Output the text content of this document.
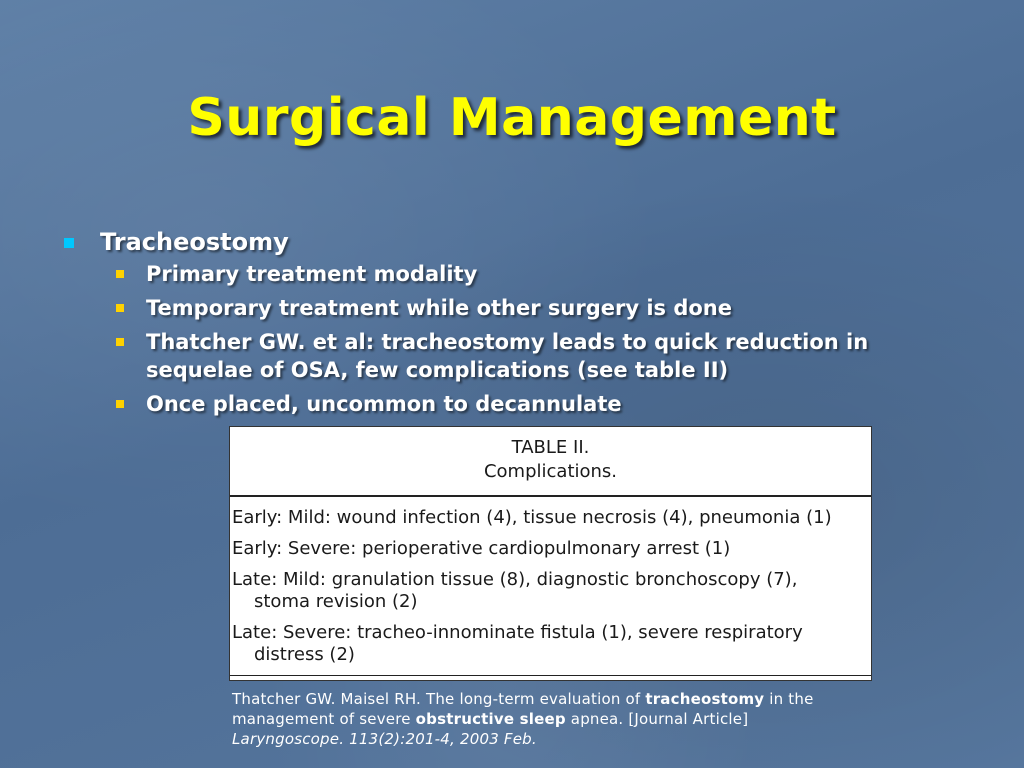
Surgical Management
Tracheostomy
Primary treatment modality
Temporary treatment while other surgery is done
Thatcher GW. et al: tracheostomy leads to quick reduction in sequelae of OSA, few complications (see table II)
Once placed, uncommon to decannulate
TABLE II.
Complications.
Early: Mild: wound infection (4), tissue necrosis (4), pneumonia (1)
Early: Severe: perioperative cardiopulmonary arrest (1)
Late: Mild: granulation tissue (8), diagnostic bronchoscopy (7),
stoma revision (2)
Late: Severe: tracheo-innominate fistula (1), severe respiratory
distress (2)
Thatcher GW. Maisel RH. The long-term evaluation of tracheostomy in the management of severe obstructive sleep apnea. [Journal Article]
Laryngoscope. 113(2):201-4, 2003 Feb.
